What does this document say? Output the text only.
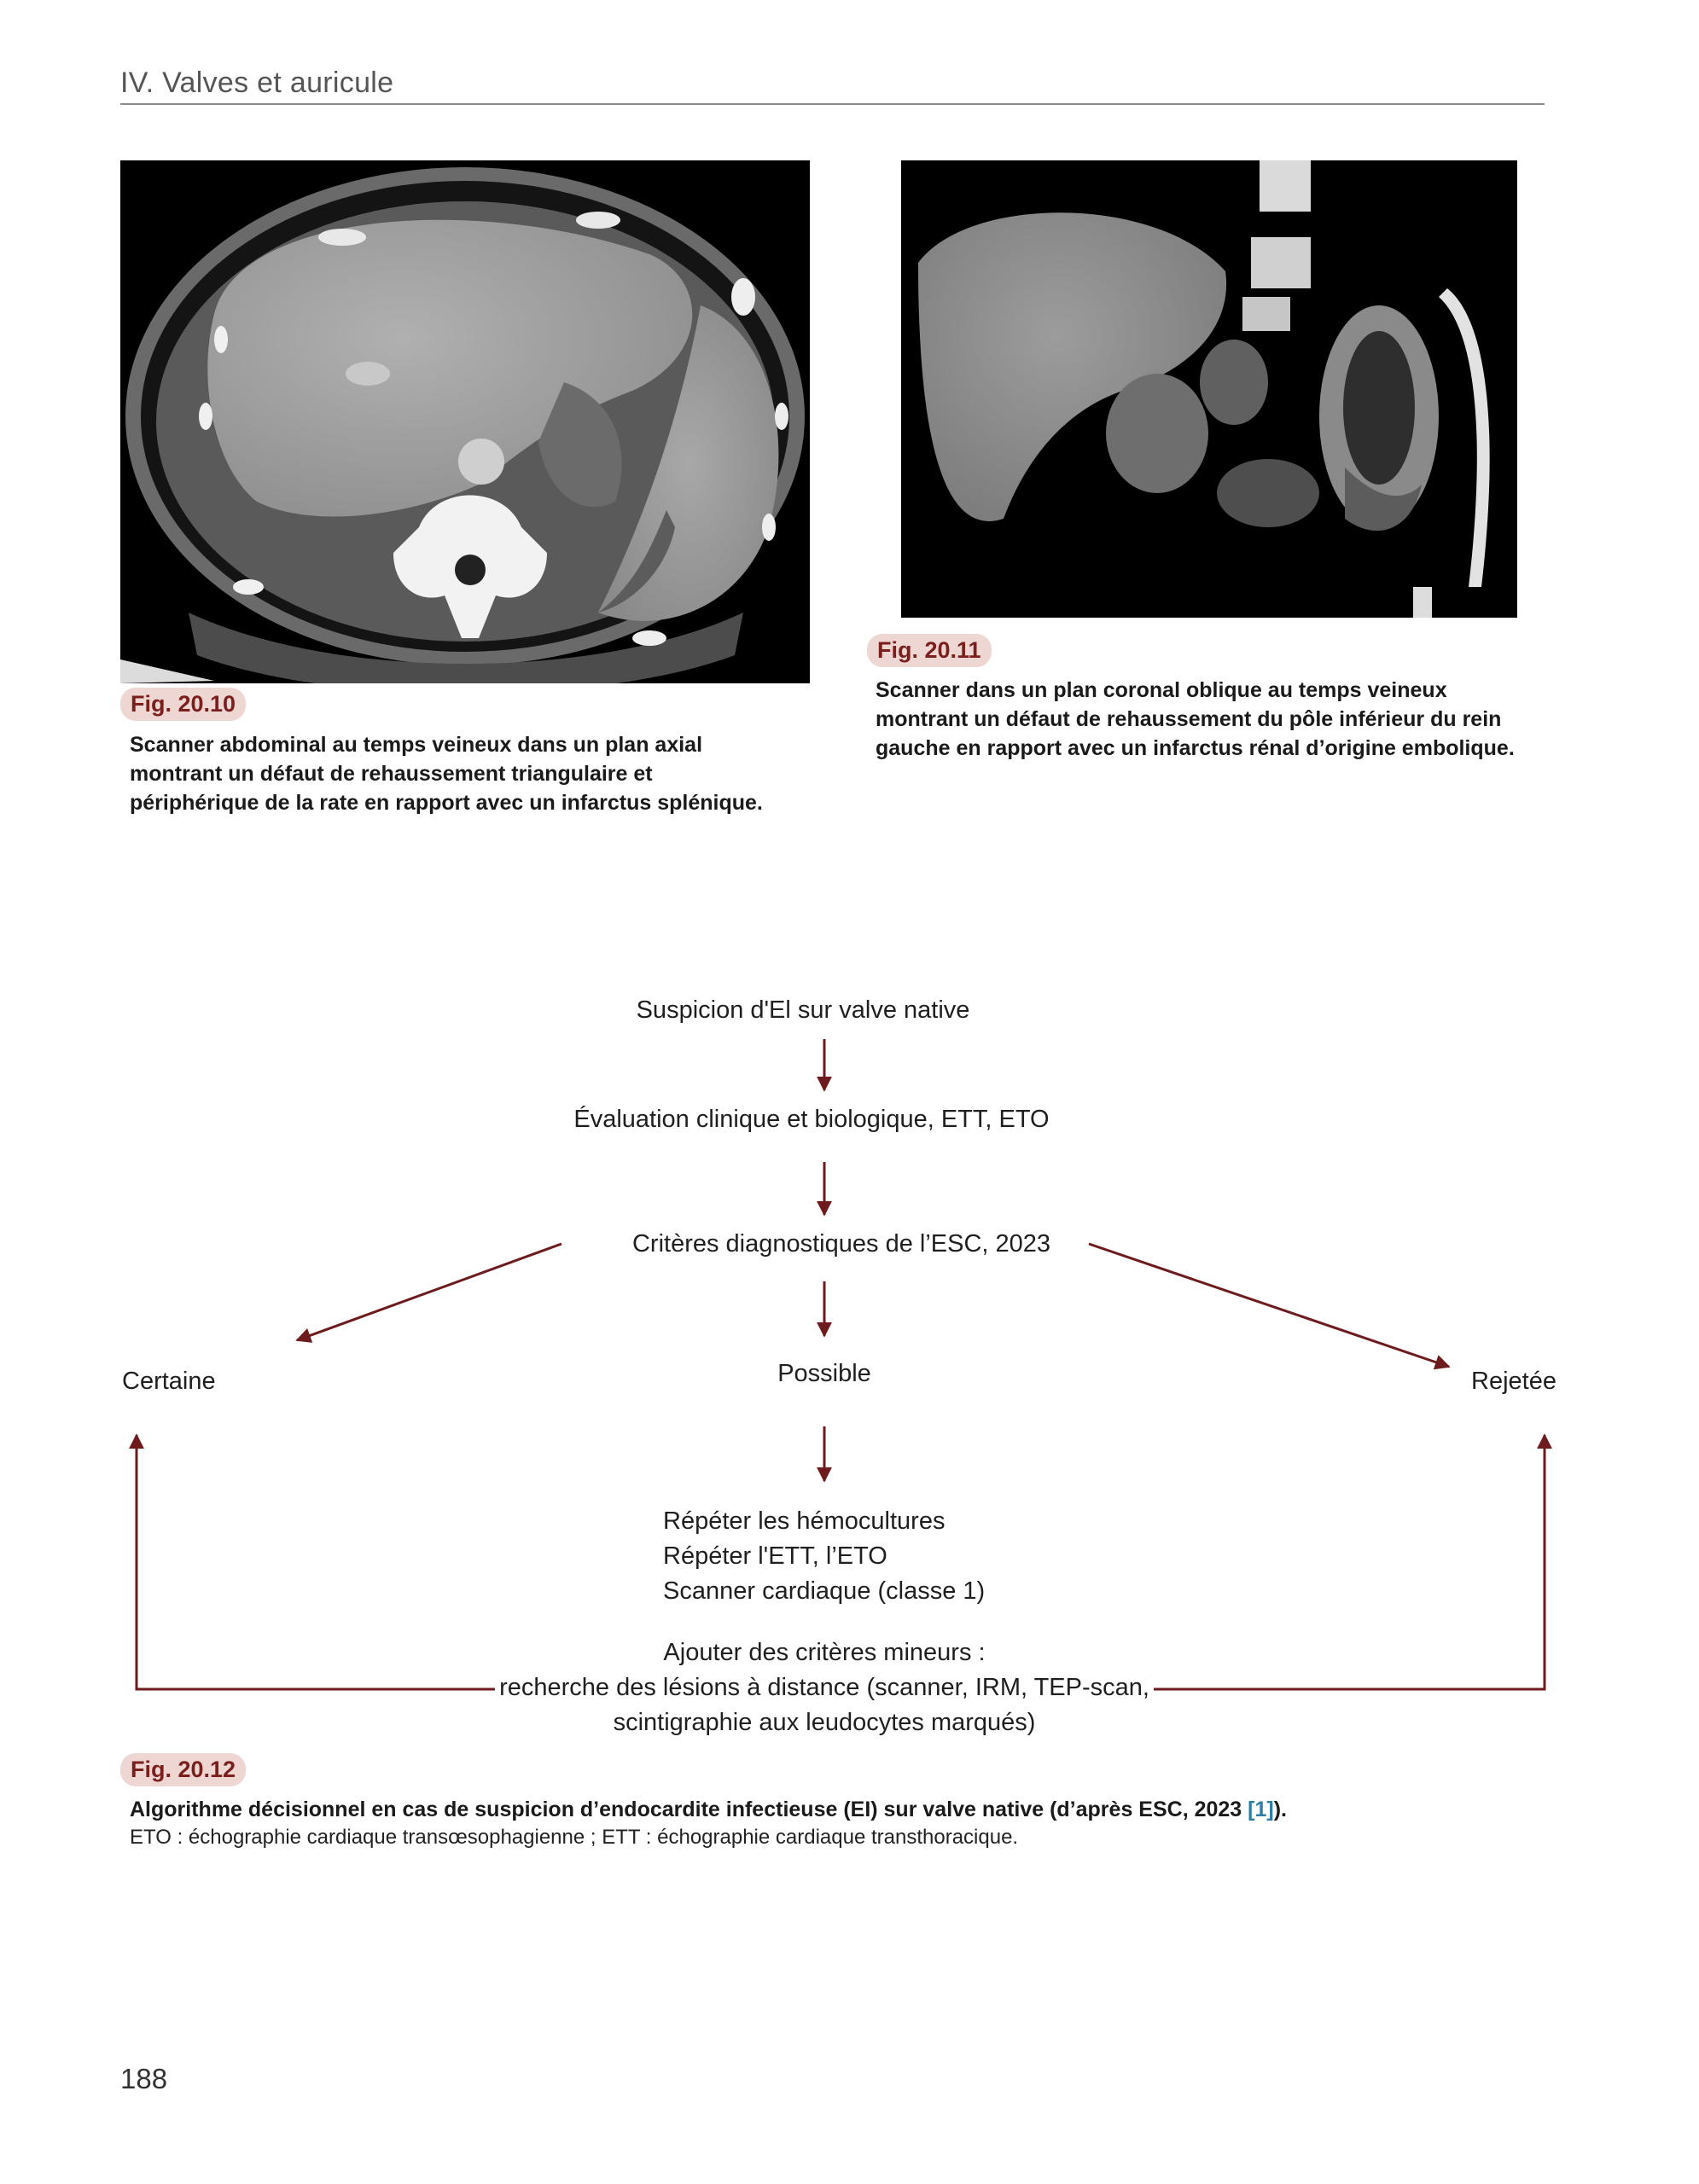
IV. Valves et auricule
Fig. 20.10
Scanner abdominal au temps veineux dans un plan axial
montrant un défaut de rehaussement triangulaire et
périphérique de la rate en rapport avec un infarctus splénique.
Fig. 20.11
Scanner dans un plan coronal oblique au temps veineux
montrant un défaut de rehaussement du pôle inférieur du rein
gauche en rapport avec un infarctus rénal d’origine embolique.
Suspicion d'El sur valve native
Évaluation clinique et biologique, ETT, ETO
Critères diagnostiques de l’ESC, 2023
Certaine	Possible	Rejetée
Répéter les hémocultures
Répéter l'ETT, l’ETO
Scanner cardiaque (classe 1)
Ajouter des critères mineurs :
recherche des lésions à distance (scanner, IRM, TEP-scan,
scintigraphie aux leudocytes marqués)
Fig. 20.12
Algorithme décisionnel en cas de suspicion d’endocardite infectieuse (EI) sur valve native (d’après ESC, 2023 [1]).
ETO : échographie cardiaque transœsophagienne ; ETT : échographie cardiaque transthoracique.
188
